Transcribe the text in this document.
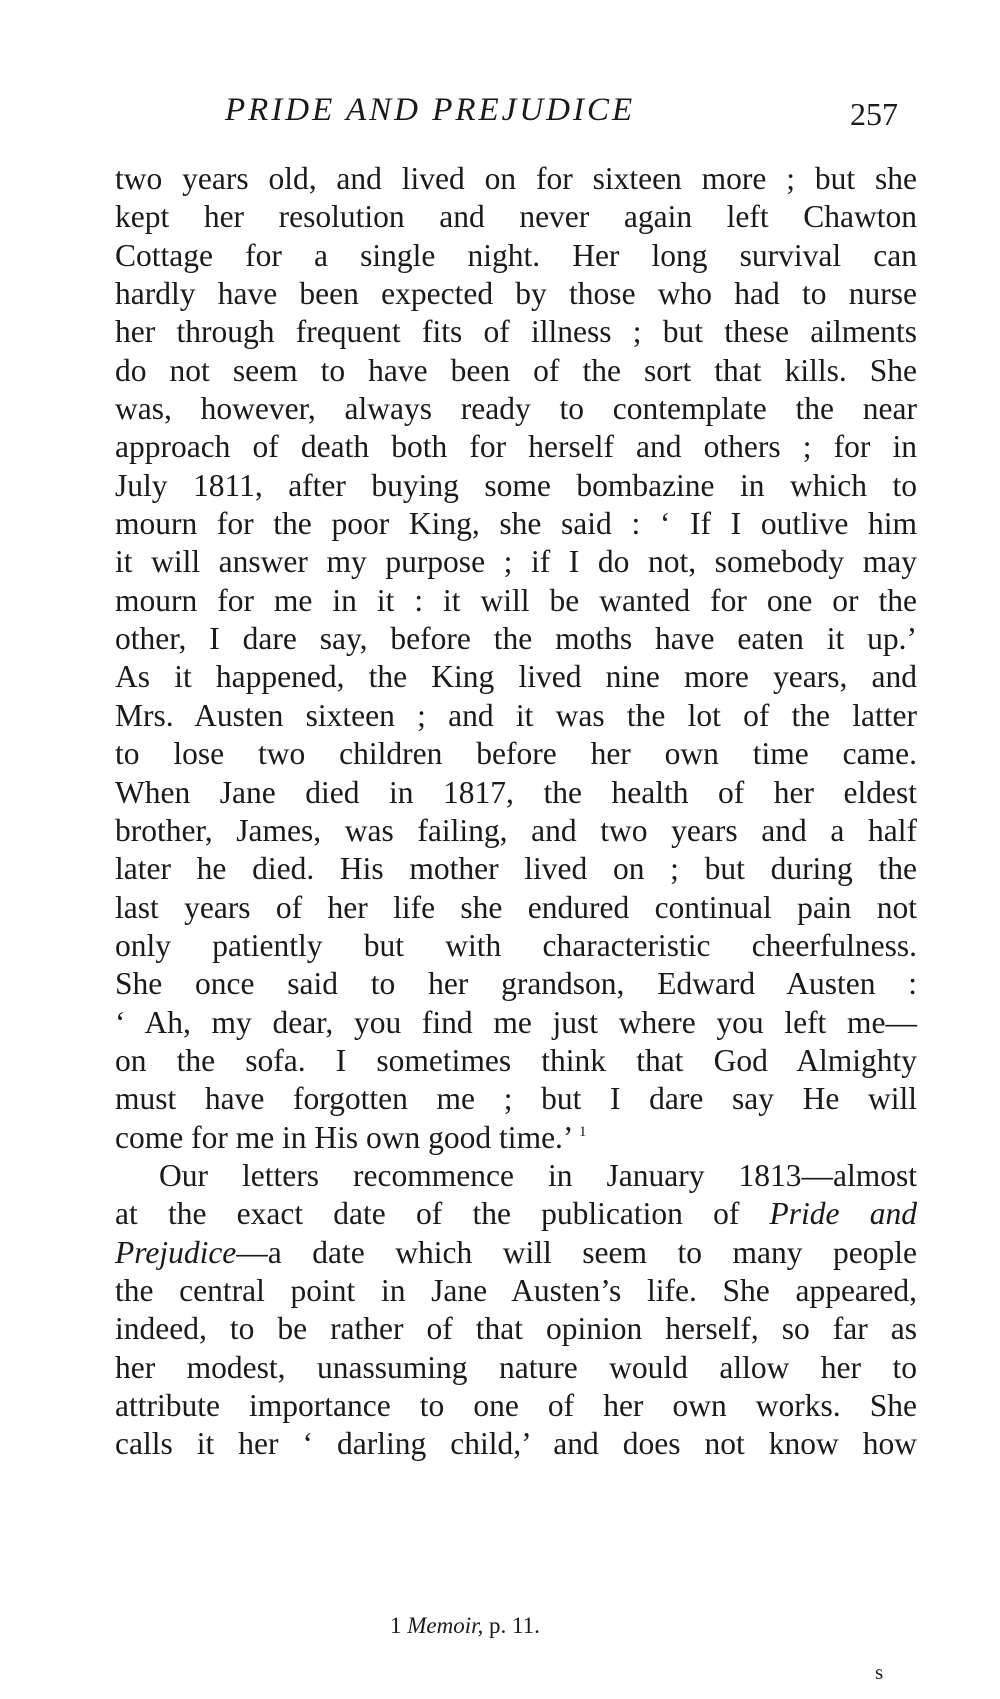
PRIDE AND PREJUDICE	257
two years old, and lived on for sixteen more ; but she
kept her resolution and never again left Chawton
Cottage for a single night. Her long survival can
hardly have been expected by those who had to nurse
her through frequent fits of illness ; but these ailments
do not seem to have been of the sort that kills. She
was, however, always ready to contemplate the near
approach of death both for herself and others ; for in
July 1811, after buying some bombazine in which to
mourn for the poor King, she said : ‘ If I outlive him
it will answer my purpose ; if I do not, somebody may
mourn for me in it : it will be wanted for one or the
other, I dare say, before the moths have eaten it up.’
As it happened, the King lived nine more years, and
Mrs. Austen sixteen ; and it was the lot of the latter
to lose two children before her own time came.
When Jane died in 1817, the health of her eldest
brother, James, was failing, and two years and a half
later he died. His mother lived on ; but during the
last years of her life she endured continual pain not
only patiently but with characteristic cheerfulness.
She once said to her grandson, Edward Austen :
‘ Ah, my dear, you find me just where you left me—
on the sofa. I sometimes think that God Almighty
must have forgotten me ; but I dare say He will
come for me in His own good time.’ $^1$
Our letters recommence in January 1813—almost
at the exact date of the publication of Pride and
Prejudice—a date which will seem to many people
the central point in Jane Austen’s life. She appeared,
indeed, to be rather of that opinion herself, so far as
her modest, unassuming nature would allow her to
attribute importance to one of her own works. She
calls it her ‘ darling child,’ and does not know how
1 Memoir, p. 11.
s
